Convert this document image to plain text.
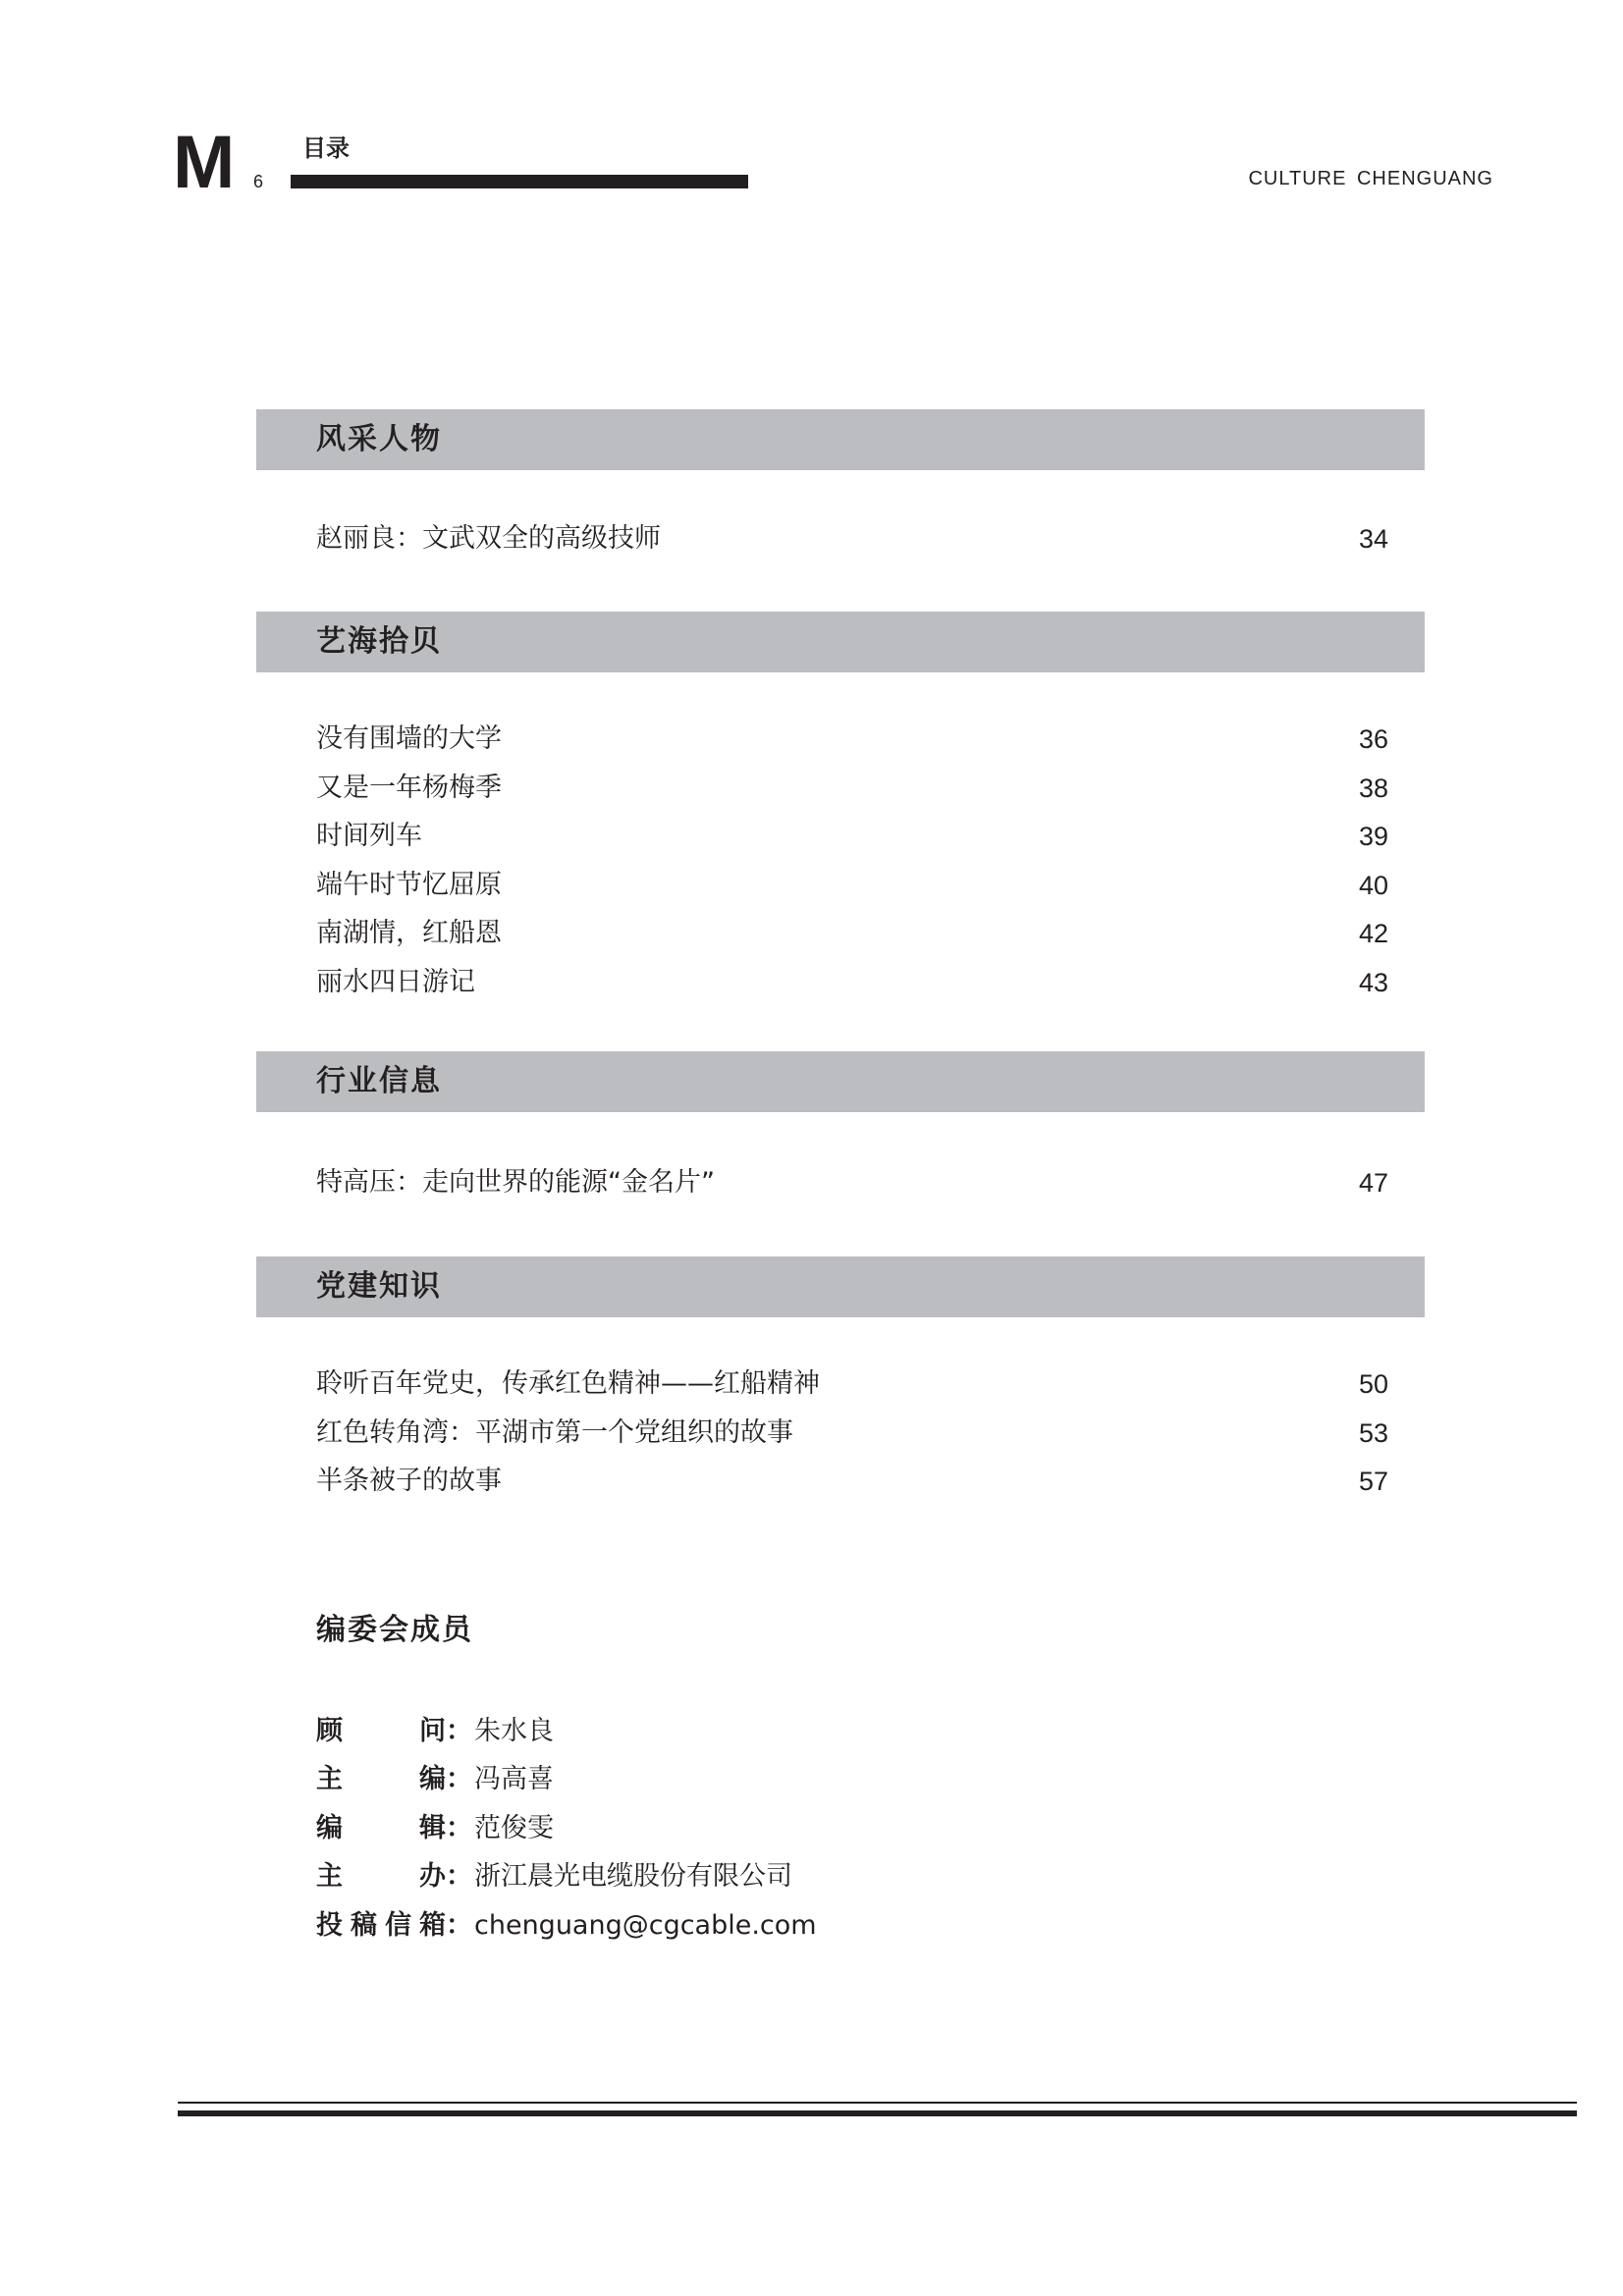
M 6
目录
CULTURE CHENGUANG
风采人物
赵丽良：文武双全的高级技师	34
艺海拾贝
没有围墙的大学	36
又是一年杨梅季	38
时间列车	39
端午时节忆屈原	40
南湖情，红船恩	42
丽水四日游记	43
行业信息
特高压：走向世界的能源“金名片”	47
党建知识
聆听百年党史，传承红色精神——红船精神	50
红色转角湾：平湖市第一个党组织的故事	53
半条被子的故事	57
编委会成员
顾问：朱水良
主编：冯高喜
编辑：范俊雯
主办：浙江晨光电缆股份有限公司
投稿信箱：chenguang@cgcable.com
